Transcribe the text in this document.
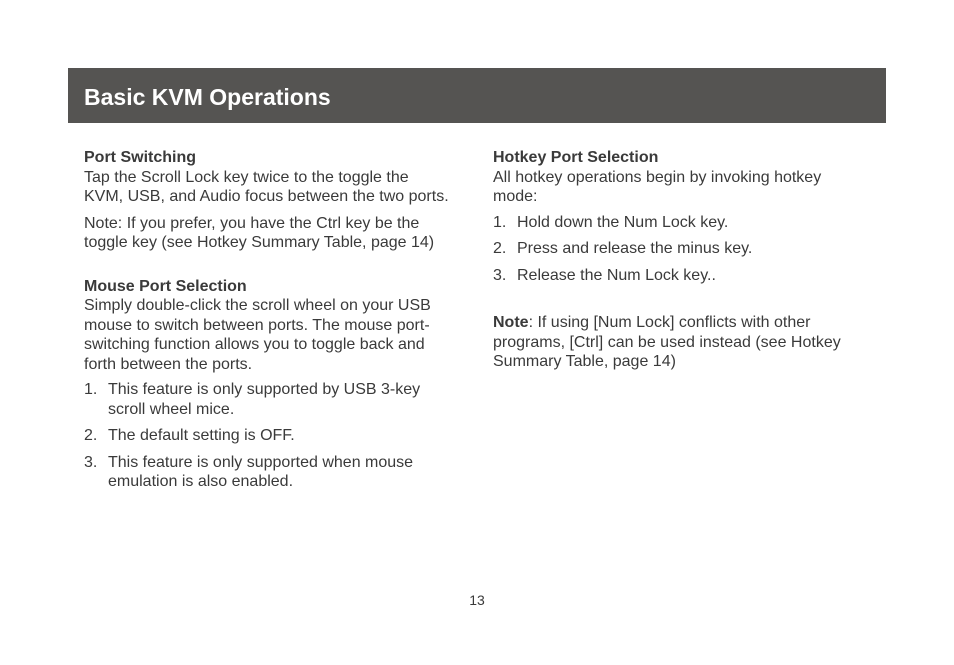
Basic KVM Operations

Port Switching

Tap the Scroll Lock key twice to the toggle the KVM, USB, and Audio focus between the two ports.

Note: If you prefer, you have the Ctrl key be the toggle key (see Hotkey Summary Table, page 14)

Mouse Port Selection

Simply double-click the scroll wheel on your USB mouse to switch between ports. The mouse port-switching function allows you to toggle back and forth between the ports.

1. This feature is only supported by USB 3-key scroll wheel mice.
2. The default setting is OFF.
3. This feature is only supported when mouse emulation is also enabled.

Hotkey Port Selection

All hotkey operations begin by invoking hotkey mode:

1. Hold down the Num Lock key.
2. Press and release the minus key.
3. Release the Num Lock key..

Note: If using [Num Lock] conflicts with other programs, [Ctrl] can be used instead (see Hotkey Summary Table, page 14)

13
